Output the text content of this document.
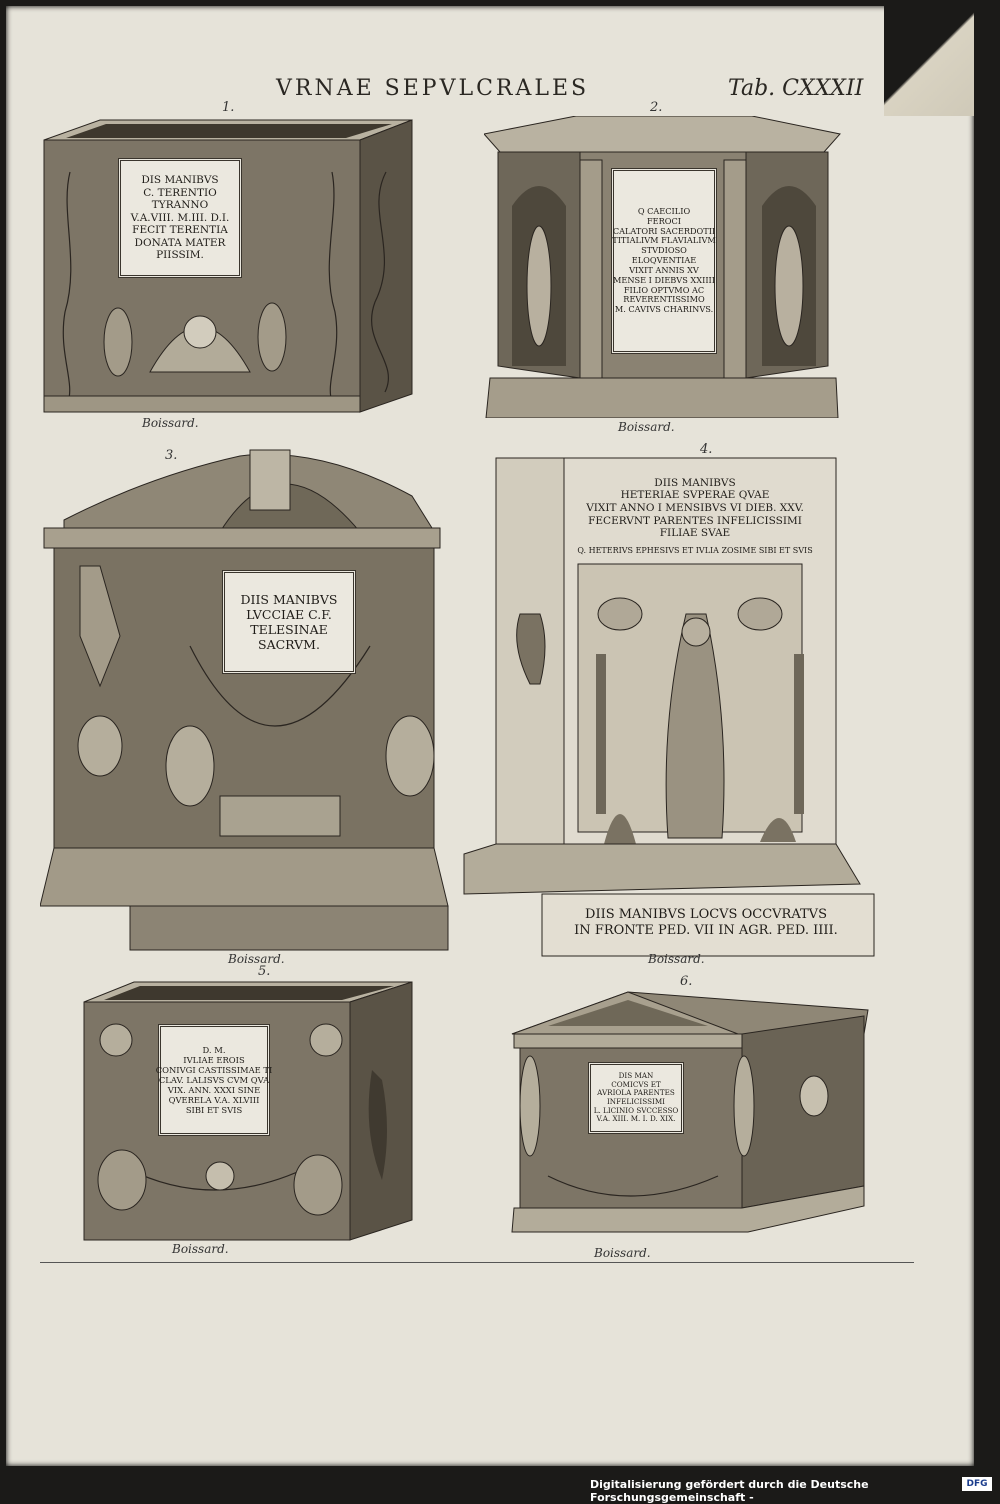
VRNAE SEPVLCRALES	Tab. CXXXII
1.
DIS MANIBVS
C. TERENTIO
TYRANNO
V.A.VIII. M.III. D.I.
FECIT TERENTIA
DONATA MATER
PIISSIM.
Boissard.
2.
Q CAECILIO
FEROCI
CALATORI SACERDOTII
TITIALIVM FLAVIALIVM
STVDIOSO
ELOQVENTIAE
VIXIT ANNIS XV
MENSE I DIEBVS XXIIII
FILIO OPTVMO AC
REVERENTISSIMO
M. CAVIVS CHARINVS.
Boissard.
3.
DIIS MANIBVS
LVCCIAE C.F.
TELESINAE
SACRVM.
Boissard.
4.
DIIS MANIBVS
HETERIAE SVPERAE QVAE
VIXIT ANNO I MENSIBVS VI DIEB. XXV.
FECERVNT PARENTES INFELICISSIMI
FILIAE SVAE
Q. HETERIVS EPHESIVS ET IVLIA ZOSIME SIBI ET SVIS
DIIS MANIBVS LOCVS OCCVRATVS
IN FRONTE PED. VII IN AGR. PED. IIII.
Boissard.
5.
D. M.
IVLIAE EROIS
CONIVGI CASTISSIMAE TI
CLAV. LALISVS CVM QVA
VIX. ANN. XXXI SINE
QVERELA V.A. XLVIII
SIBI ET SVIS
Boissard.
6.
DIS MAN
COMICVS ET
AVRIOLA PARENTES
INFELICISSIMI
L. LICINIO SVCCESSO
V.A. XIII. M. I. D. XIX.
Boissard.
Digitalisierung gefördert durch die Deutsche Forschungsgemeinschaft -
DFG
